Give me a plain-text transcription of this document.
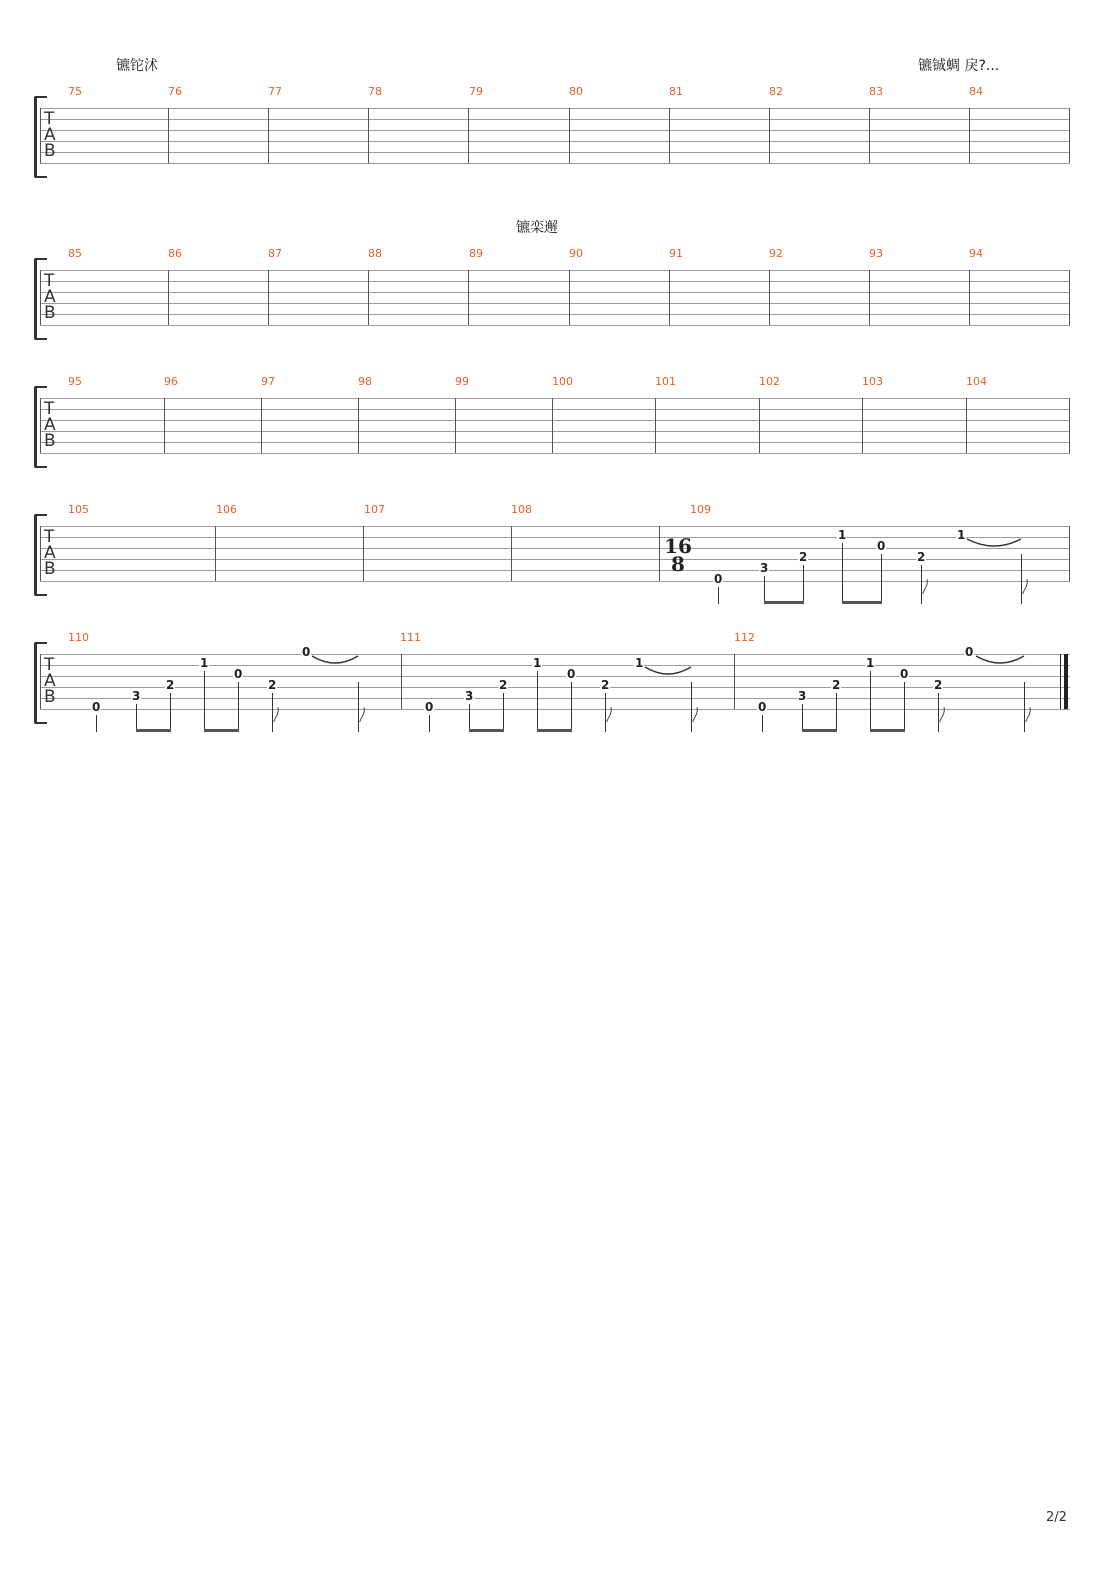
镳铊沭	镳铖蜩 戾?...
镳栾邂
T
A
B
75	76	77	78	79	80	81	82	83	84
T
A
B
85	86	87	88	89	90	91	92	93	94
T
A
B
95	96	97	98	99	100	101	102	103	104
T
A
B
105	106	107	108	109
16
8
0
3
2
1
0
2
1
T
A
B
110	111	112
0
3
2
1
0
2
0
0
3
2
1
0
2
1
0
3
2
1
0
2
0
2/2
